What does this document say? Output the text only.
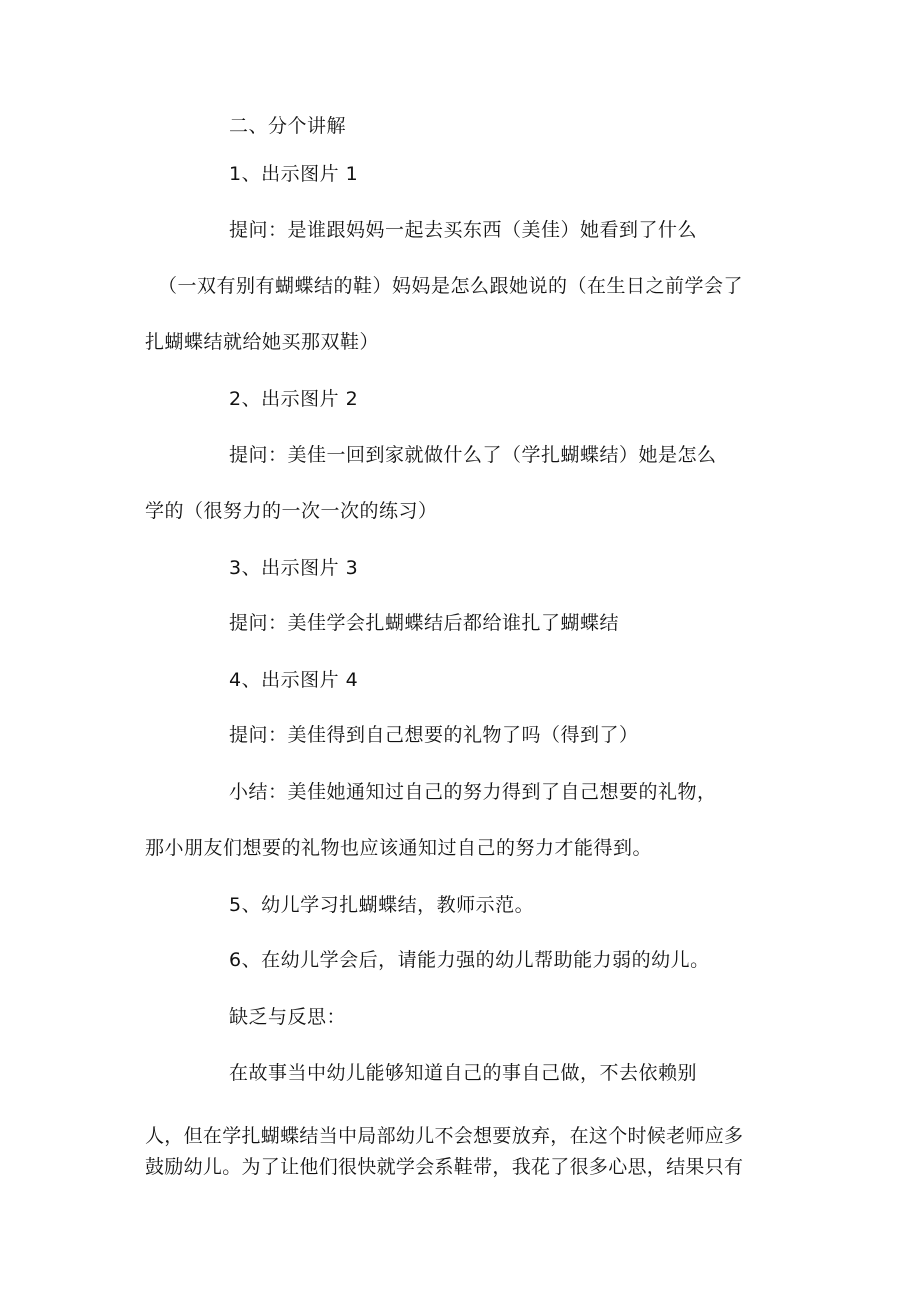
二、分个讲解
1、出示图片 1
提问：是谁跟妈妈一起去买东西（美佳）她看到了什么
（一双有别有蝴蝶结的鞋）妈妈是怎么跟她说的（在生日之前学会了
扎蝴蝶结就给她买那双鞋）
2、出示图片 2
提问：美佳一回到家就做什么了（学扎蝴蝶结）她是怎么
学的（很努力的一次一次的练习）
3、出示图片 3
提问：美佳学会扎蝴蝶结后都给谁扎了蝴蝶结
4、出示图片 4
提问：美佳得到自己想要的礼物了吗（得到了）
小结：美佳她通知过自己的努力得到了自己想要的礼物，
那小朋友们想要的礼物也应该通知过自己的努力才能得到。
5、幼儿学习扎蝴蝶结，教师示范。
6、在幼儿学会后，请能力强的幼儿帮助能力弱的幼儿。
缺乏与反思：
在故事当中幼儿能够知道自己的事自己做，不去依赖别
人，但在学扎蝴蝶结当中局部幼儿不会想要放弃，在这个时候老师应多
鼓励幼儿。为了让他们很快就学会系鞋带，我花了很多心思，结果只有
